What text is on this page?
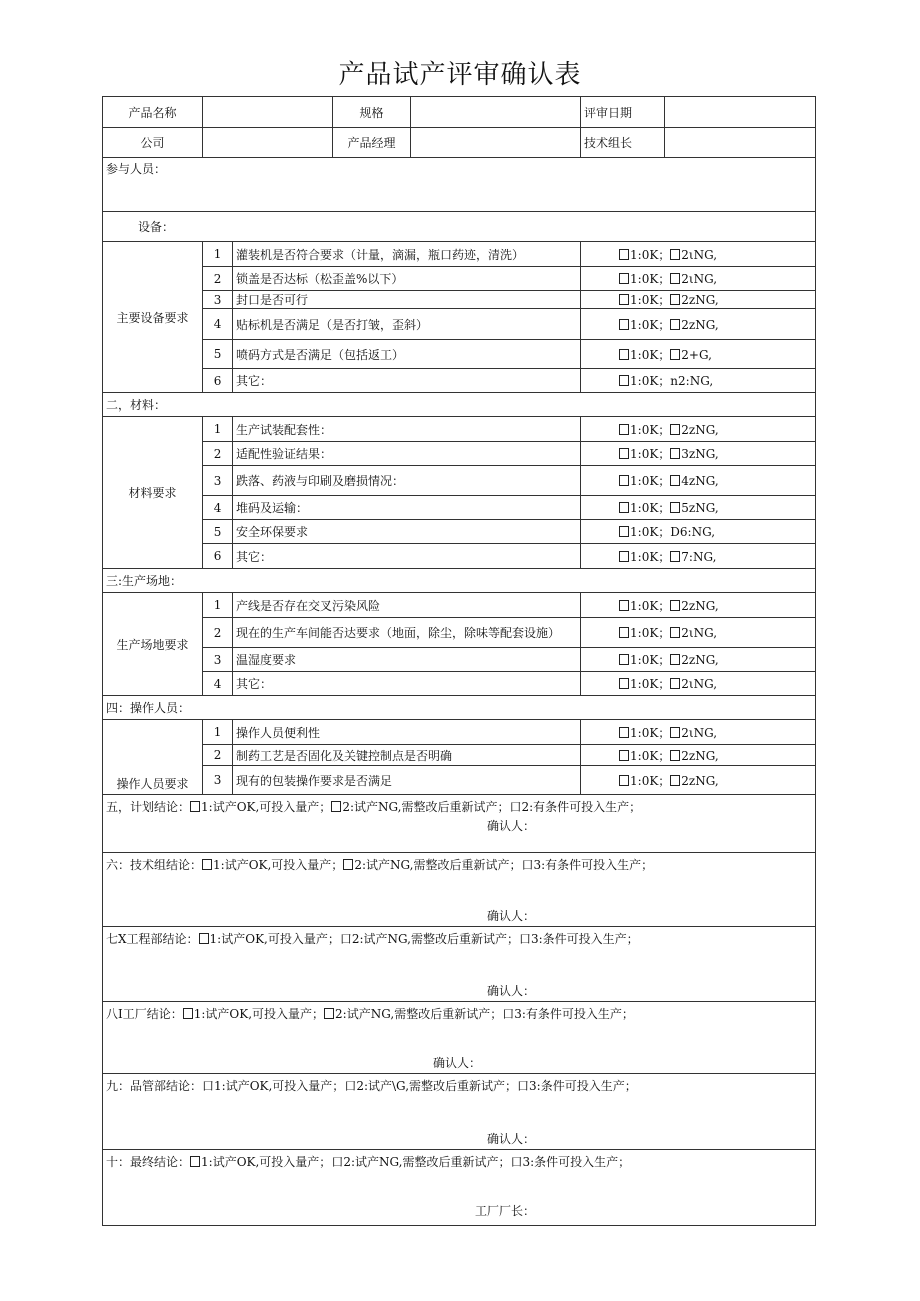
产品试产评审确认表
产品名称			规格		评审日期	
公司			产品经理		技术组长	
参与人员：						
设备：						
主要设备要求	1	灌装机是否符合要求（计量，滴漏，瓶口药迹，清洗）			1:0K； 2ιNG,	
	2	锁盖是否达标（松歪盖%以下）			1:0K； 2ιNG,	
	3	封口是否可行			1:0K； 2zNG,	
	4	贴标机是否满足（是否打皱，歪斜）			1:0K； 2zNG,	
	5	喷码方式是否满足（包括返工）			1:0K； 2+G,	
	6	其它：			1:0K；n2:NG,	
二，材料：						
材料要求	1	生产试装配套性：			1:0K； 2zNG,	
	2	适配性验证结果：			1:0K； 3zNG,	
	3	跌落、药液与印刷及磨损情况：			1:0K； 4zNG,	
	4	堆码及运输：			1:0K； 5zNG,	
	5	安全环保要求			1:0K；D6:NG,	
	6	其它：			1:0K； 7:NG,	
三:生产场地：						
生产场地要求	1	产线是否存在交叉污染风险			1:0K； 2zNG,	
	2	现在的生产车间能否达要求（地面，除尘，除味等配套设施）			1:0K； 2ιNG,	
	3	温湿度要求			1:0K； 2zNG,	
	4	其它：			1:0K； 2ιNG,	
四：操作人员：						
操作人员要求	1	操作人员便利性			1:0K； 2ιNG,	
	2	制药工艺是否固化及关键控制点是否明确			1:0K； 2zNG,	
	3	现有的包装操作要求是否满足			1:0K； 2zNG,	

五，计划结论： 1:试产OK,可投入量产； 2:试产NG,需整改后重新试产；口2:有条件可投入生产；
确认人：						

六：技术组结论： 1:试产OK,可投入量产； 2:试产NG,需整改后重新试产；口3:有条件可投入生产；
确认人：						

七X工程部结论： 1:试产OK,可投入量产；口2:试产NG,需整改后重新试产；口3:条件可投入生产；
确认人：						

八I工厂结论： 1:试产OK,可投入量产； 2:试产NG,需整改后重新试产；口3:有条件可投入生产；
确认人：						

九：品管部结论：口1:试产OK,可投入量产；口2:试产\G,需整改后重新试产；口3:条件可投入生产；
确认人：						

十：最终结论： 1:试产OK,可投入量产；口2:试产NG,需整改后重新试产；口3:条件可投入生产；
工厂厂长：						
